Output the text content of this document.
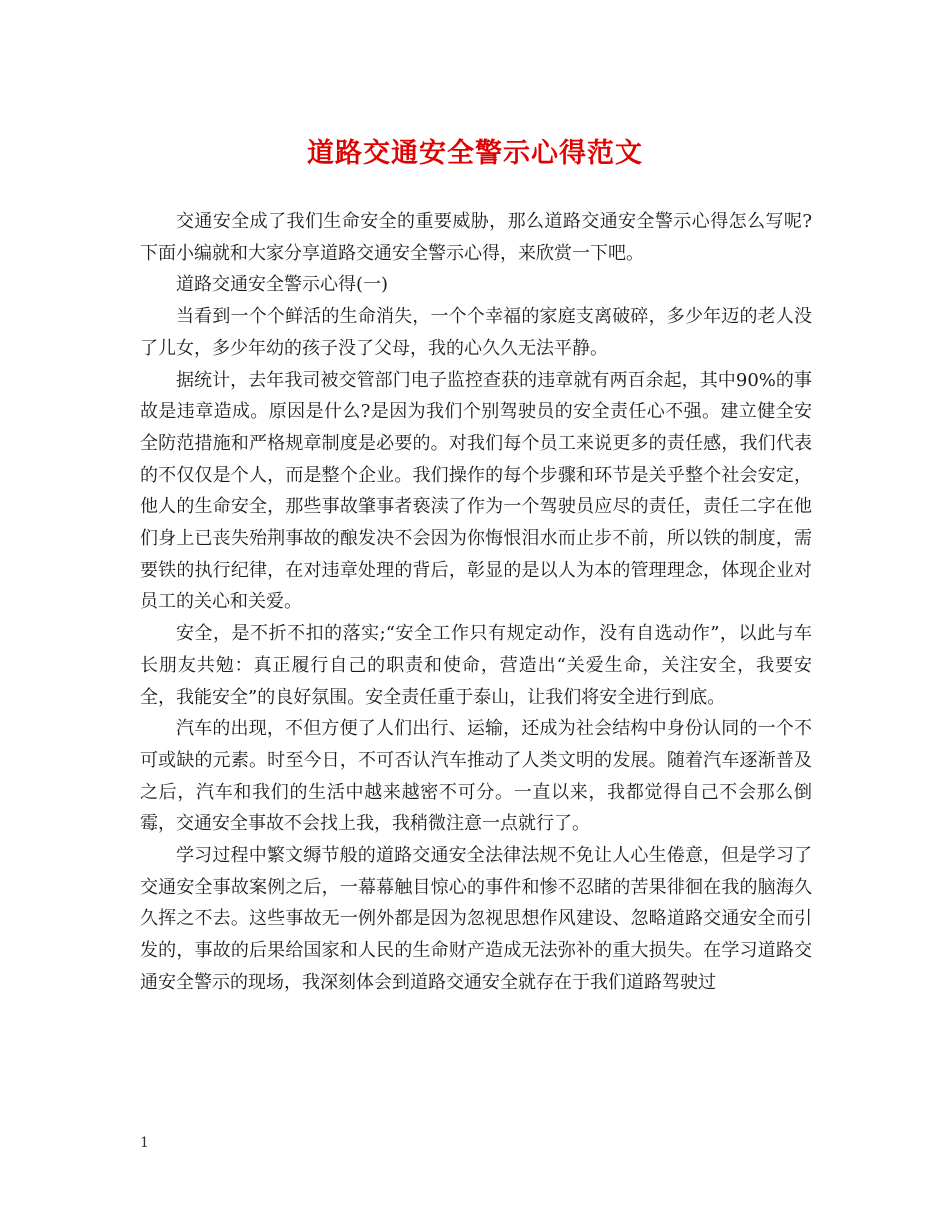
道路交通安全警示心得范文

交通安全成了我们生命安全的重要威胁，那么道路交通安全警示心得怎么写呢?下面小编就和大家分享道路交通安全警示心得，来欣赏一下吧。

道路交通安全警示心得(一)

当看到一个个鲜活的生命消失，一个个幸福的家庭支离破碎，多少年迈的老人没了儿女，多少年幼的孩子没了父母，我的心久久无法平静。

据统计，去年我司被交管部门电子监控查获的违章就有两百余起，其中90%的事故是违章造成。原因是什么?是因为我们个别驾驶员的安全责任心不强。建立健全安全防范措施和严格规章制度是必要的。对我们每个员工来说更多的责任感，我们代表的不仅仅是个人，而是整个企业。我们操作的每个步骤和环节是关乎整个社会安定，他人的生命安全，那些事故肇事者亵渎了作为一个驾驶员应尽的责任，责任二字在他们身上已丧失殆荆事故的酿发决不会因为你悔恨泪水而止步不前，所以铁的制度，需要铁的执行纪律，在对违章处理的背后，彰显的是以人为本的管理理念，体现企业对员工的关心和关爱。

安全，是不折不扣的落实;“安全工作只有规定动作，没有自选动作”，以此与车长朋友共勉：真正履行自己的职责和使命，营造出“关爱生命，关注安全，我要安全，我能安全”的良好氛围。安全责任重于泰山，让我们将安全进行到底。

汽车的出现，不但方便了人们出行、运输，还成为社会结构中身份认同的一个不可或缺的元素。时至今日，不可否认汽车推动了人类文明的发展。随着汽车逐渐普及之后，汽车和我们的生活中越来越密不可分。一直以来，我都觉得自己不会那么倒霉，交通安全事故不会找上我，我稍微注意一点就行了。

学习过程中繁文缛节般的道路交通安全法律法规不免让人心生倦意，但是学习了交通安全事故案例之后，一幕幕触目惊心的事件和惨不忍睹的苦果徘徊在我的脑海久久挥之不去。这些事故无一例外都是因为忽视思想作风建设、忽略道路交通安全而引发的，事故的后果给国家和人民的生命财产造成无法弥补的重大损失。在学习道路交通安全警示的现场，我深刻体会到道路交通安全就存在于我们道路驾驶过

1
